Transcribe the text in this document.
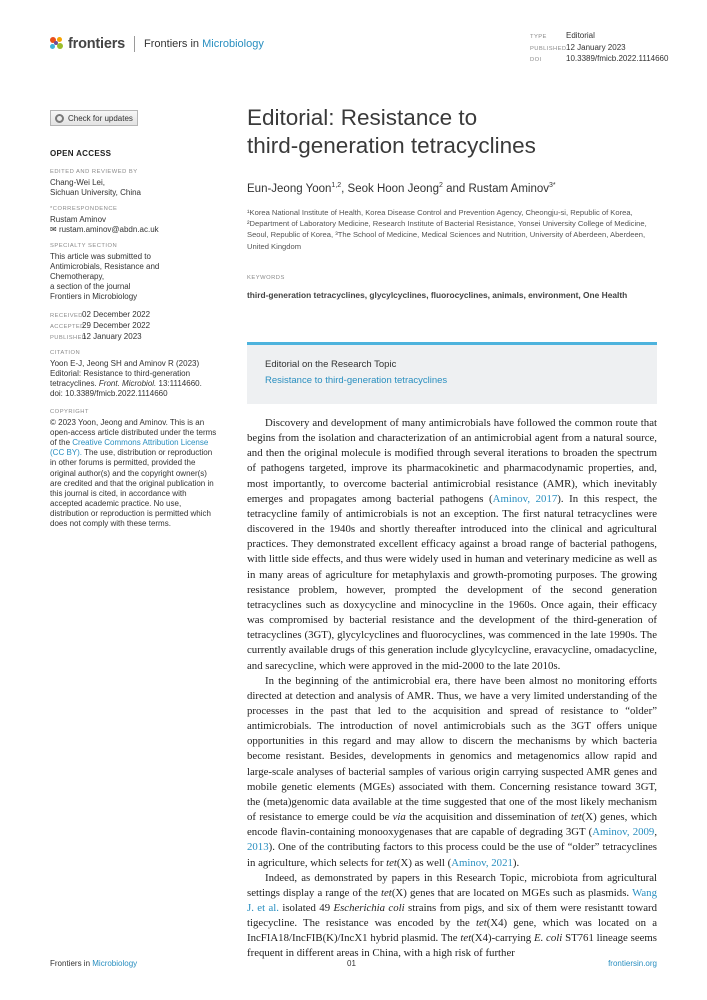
frontiers Frontiers in Microbiology
TYPE Editorial
PUBLISHED12 January 2023
DOI	10.3389/fmicb.2022.1114660
Check for updates
OPEN ACCESS
EDITED AND REVIEWED BY
Chang-Wei Lei,
Sichuan University, China
*CORRESPONDENCE
Rustam Aminov
✉ rustam.aminov@abdn.ac.uk
SPECIALTY SECTION
This article was submitted to
Antimicrobials, Resistance and
Chemotherapy,
a section of the journal
Frontiers in Microbiology
RECEIVED02 December 2022
ACCEPTED29 December 2022
PUBLISHED12 January 2023
CITATION
Yoon E-J, Jeong SH and Aminov R (2023)
Editorial: Resistance to third-generation
tetracyclines. Front. Microbiol. 13:1114660.
doi: 10.3389/fmicb.2022.1114660
COPYRIGHT
© 2023 Yoon, Jeong and Aminov. This is an
open-access article distributed under the terms
of the Creative Commons Attribution License
(CC BY). The use, distribution or reproduction
in other forums is permitted, provided the
original author(s) and the copyright owner(s)
are credited and that the original publication in
this journal is cited, in accordance with
accepted academic practice. No use,
distribution or reproduction is permitted which
does not comply with these terms.
Editorial: Resistance to
third-generation tetracyclines
Eun-Jeong Yoon$^{1,2}$, Seok Hoon Jeong$^2$ and Rustam Aminov$^{3*}$
¹Korea National Institute of Health, Korea Disease Control and Prevention Agency, Cheongju-si, Republic of Korea, ²Department of Laboratory Medicine, Research Institute of Bacterial Resistance, Yonsei University College of Medicine, Seoul, Republic of Korea, ³The School of Medicine, Medical Sciences and Nutrition, University of Aberdeen, Aberdeen, United Kingdom
KEYWORDS
third-generation tetracyclines, glycylcyclines, fluorocyclines, animals, environment, One Health
Editorial on the Research Topic
Resistance to third-generation tetracyclines

Discovery and development of many antimicrobials have followed the common route that begins from the isolation and characterization of an antimicrobial agent from a natural source, and then the original molecule is modified through several iterations to broaden the spectrum of pathogens targeted, improve its pharmacokinetic and pharmacodynamic properties, and, most importantly, to overcome bacterial antimicrobial resistance (AMR), which inevitably emerges and propagates among bacterial pathogens (Aminov, 2017). In this respect, the tetracycline family of antimicrobials is not an exception. The first natural tetracyclines were discovered in the 1940s and shortly thereafter introduced into the clinical and agricultural practices. They demonstrated excellent efficacy against a broad range of bacterial pathogens, with little side effects, and thus were widely used in human and veterinary medicine as well as in many areas of agriculture for metaphylaxis and growth-promoting purposes. The growing resistance problem, however, prompted the development of the second generation tetracyclines such as doxycycline and minocycline in the 1960s. Once again, their efficacy was compromised by bacterial resistance and the development of the third-generation of tetracyclines (3GT), glycylcyclines and fluorocyclines, was commenced in the late 1990s. The currently available drugs of this generation include glycylcycline, eravacycline, omadacycline, and sarecycline, which were approved in the mid-2000 to the late 2010s.

In the beginning of the antimicrobial era, there have been almost no monitoring efforts directed at detection and analysis of AMR. Thus, we have a very limited understanding of the processes in the past that led to the acquisition and spread of resistance to “older” antimicrobials. The introduction of novel antimicrobials such as the 3GT offers unique opportunities in this regard and may allow to discern the mechanisms by which bacteria become resistant. Besides, developments in genomics and metagenomics allow rapid and large-scale analyses of bacterial samples of various origin carrying suspected AMR genes and mobile genetic elements (MGEs) associated with them. Concerning resistance toward 3GT, the (meta)genomic data available at the time suggested that one of the most likely mechanism of resistance to emerge could be via the acquisition and dissemination of tet(X) genes, which encode flavin-containing monooxygenases that are capable of degrading 3GT (Aminov, 2009, 2013). One of the contributing factors to this process could be the use of “older” tetracyclines in agriculture, which selects for tet(X) as well (Aminov, 2021).

Indeed, as demonstrated by papers in this Research Topic, microbiota from agricultural settings display a range of the tet(X) genes that are located on MGEs such as plasmids. Wang J. et al. isolated 49 Escherichia coli strains from pigs, and six of them were resistantt toward tigecycline. The resistance was encoded by the tet(X4) gene, which was located on a IncFIA18/IncFIB(K)/IncX1 hybrid plasmid. The tet(X4)-carrying E. coli ST761 lineage seems frequent in different areas in China, with a high risk of further

Frontiers in Microbiology	01	frontiersin.org
